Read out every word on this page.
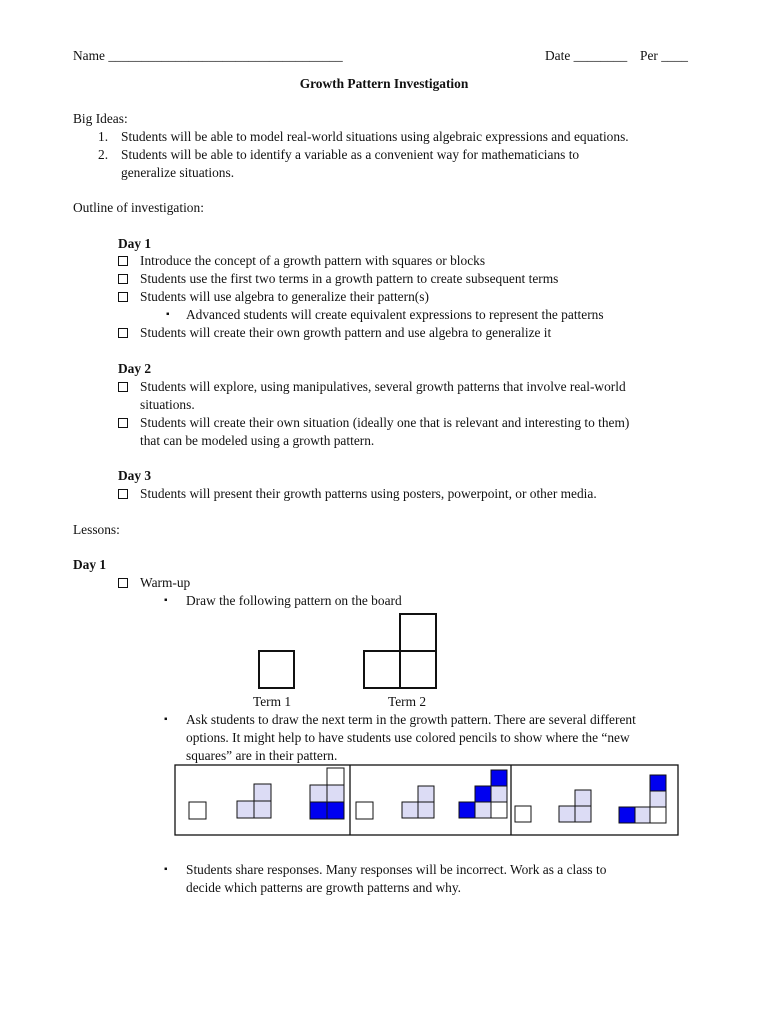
Name ___________________________________	Date ________ Per ____
Growth Pattern Investigation
Big Ideas:
1. Students will be able to model real-world situations using algebraic expressions and equations.
2. Students will be able to identify a variable as a convenient way for mathematicians to
generalize situations.
Outline of investigation:
Day 1
Introduce the concept of a growth pattern with squares or blocks
Students use the first two terms in a growth pattern to create subsequent terms
Students will use algebra to generalize their pattern(s)
▪ Advanced students will create equivalent expressions to represent the patterns
Students will create their own growth pattern and use algebra to generalize it
Day 2
Students will explore, using manipulatives, several growth patterns that involve real-world
situations.
Students will create their own situation (ideally one that is relevant and interesting to them)
that can be modeled using a growth pattern.
Day 3
Students will present their growth patterns using posters, powerpoint, or other media.
Lessons:
Day 1
Warm-up
▪ Draw the following pattern on the board
Term 1	Term 2
▪ Ask students to draw the next term in the growth pattern. There are several different
options. It might help to have students use colored pencils to show where the “new
squares” are in their pattern.
▪ Students share responses. Many responses will be incorrect. Work as a class to
decide which patterns are growth patterns and why.
